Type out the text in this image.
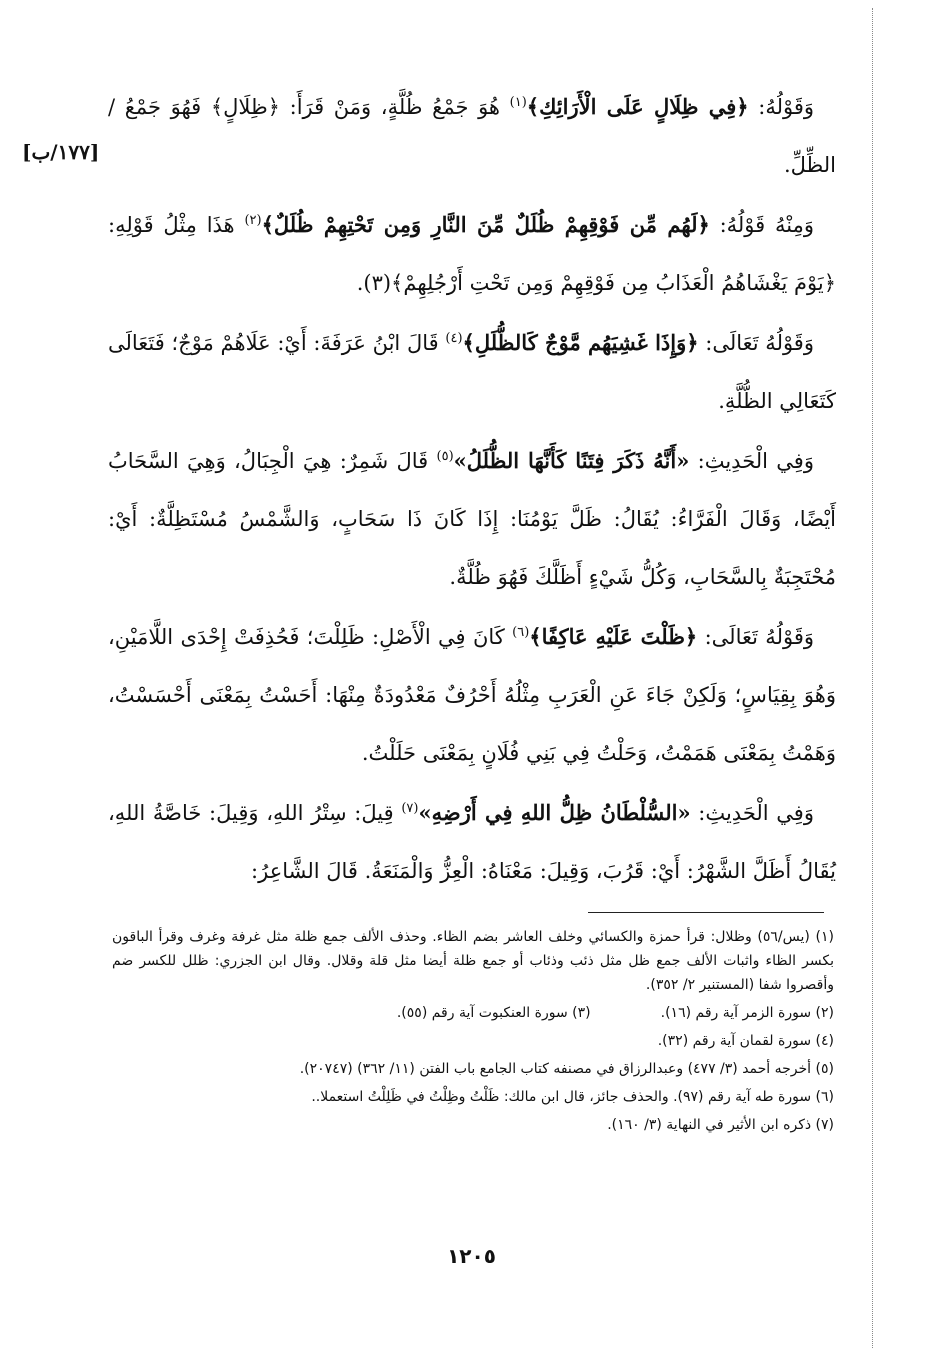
[١٧٧/ب]

وَقَوْلُهُ: ﴿فِي ظِلَالٍ عَلَى الْأَرَائِكِ﴾$^{(١)}$ هُوَ جَمْعُ ظُلَّةٍ، وَمَنْ قَرَأَ: ﴿ظِلَالٍ﴾ فَهُوَ جَمْعُ / الظِّلِّ.

وَمِنْهُ قَوْلُهُ: ﴿لَهُم مِّن فَوْقِهِمْ ظُلَلٌ مِّنَ النَّارِ وَمِن تَحْتِهِمْ ظُلَلٌ﴾$^{(٢)}$ هَذَا مِثْلُ قَوْلِهِ: ﴿يَوْمَ يَغْشَاهُمُ الْعَذَابُ مِن فَوْقِهِمْ وَمِن تَحْتِ أَرْجُلِهِمْ﴾(٣).

وَقَوْلُهُ تَعَالَى: ﴿وَإِذَا غَشِيَهُم مَّوْجٌ كَالظُّلَلِ﴾$^{(٤)}$ قَالَ ابْنُ عَرَفَةَ: أَيْ: عَلَاهُمْ مَوْجٌ؛ فَتَعَالَى كَتَعَالِي الظُّلَّةِ.

وَفِي الْحَدِيثِ: «أَنَّهُ ذَكَرَ فِتَنًا كَأَنَّهَا الظُّلَلُ»$^{(٥)}$ قَالَ شَمِرٌ: هِيَ الْجِبَالُ، وَهِيَ السَّحَابُ أَيْضًا، وَقَالَ الْفَرَّاءُ: يُقَالُ: ظَلَّ يَوْمُنَا: إِذَا كَانَ ذَا سَحَابٍ، وَالشَّمْسُ مُسْتَظِلَّةٌ: أَيْ: مُحْتَجِبَةٌ بِالسَّحَابِ، وَكُلُّ شَيْءٍ أَظَلَّكَ فَهُوَ ظُلَّةٌ.

وَقَوْلُهُ تَعَالَى: ﴿ظَلْتَ عَلَيْهِ عَاكِفًا﴾$^{(٦)}$ كَانَ فِي الْأَصْلِ: ظَلِلْتَ؛ فَحُذِفَتْ إِحْدَى اللَّامَيْنِ، وَهُوَ بِقِيَاسٍ؛ وَلَكِنْ جَاءَ عَنِ الْعَرَبِ مِثْلُهُ أَحْرُفٌ مَعْدُودَةٌ مِنْهَا: أَحَسْتُ بِمَعْنَى أَحْسَسْتُ، وَهَمْتُ بِمَعْنَى هَمَمْتُ، وَحَلْتُ فِي بَنِي فُلَانٍ بِمَعْنَى حَلَلْتُ.

وَفِي الْحَدِيثِ: «السُّلْطَانُ ظِلُّ اللهِ فِي أَرْضِهِ»$^{(٧)}$ قِيلَ: سِتْرُ اللهِ، وَقِيلَ: خَاصَّةُ اللهِ، يُقَالُ أَظَلَّ الشَّهْرُ: أَيْ: قَرُبَ، وَقِيلَ: مَعْنَاهُ: الْعِزُّ وَالْمَنَعَةُ. قَالَ الشَّاعِرُ:

(١) (يس/٥٦) وظلال: قرأ حمزة والكسائي وخلف العاشر بضم الظاء. وحذف الألف جمع ظلة مثل غرفة وغرف وقرأ الباقون بكسر الظاء واثبات الألف جمع ظل مثل ذئب وذئاب أو جمع ظلة أيضا مثل قلة وقلال. وقال ابن الجزري: ظلل للكسر ضم وأقصروا شفا (المستنير ٢/ ٣٥٢).
(٢) سورة الزمر آية رقم (١٦).
(٣) سورة العنكبوت آية رقم (٥٥).
(٤) سورة لقمان آية رقم (٣٢).
(٥) أخرجه أحمد (٣/ ٤٧٧) وعبدالرزاق في مصنفه كتاب الجامع باب الفتن (١١/ ٣٦٢) (٢٠٧٤٧).
(٦) سورة طه آية رقم (٩٧). والحذف جائز، قال ابن مالك: ظَلْتُ وظِلْتُ في ظَلِلْتُ استعملا..
(٧) ذكره ابن الأثير في النهاية (٣/ ١٦٠).
١٢٠٥
